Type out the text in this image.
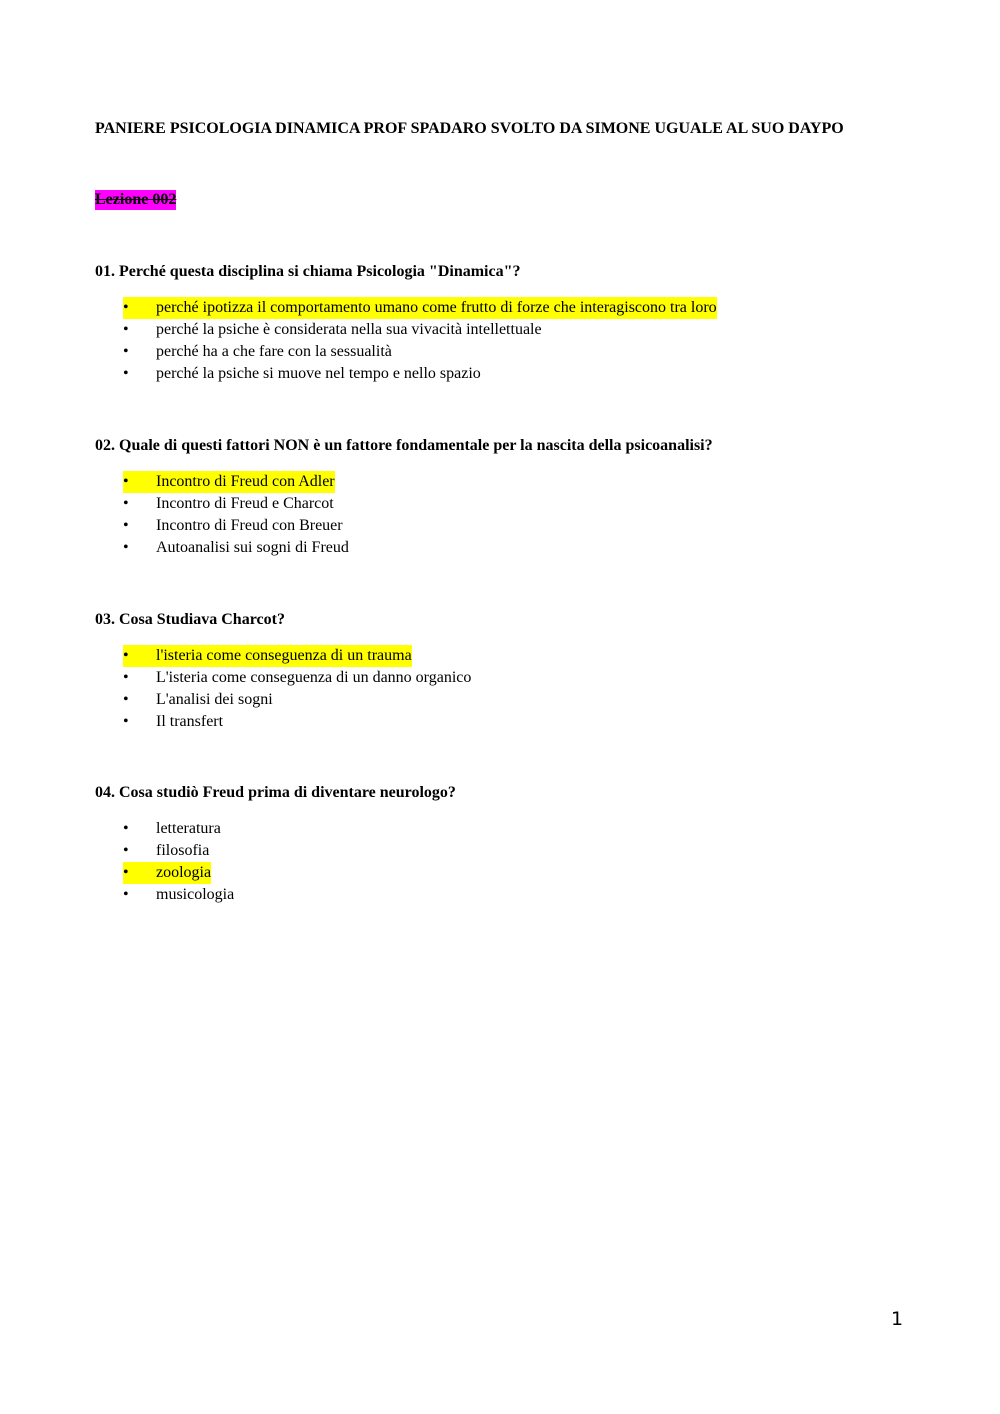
PANIERE PSICOLOGIA DINAMICA PROF SPADARO SVOLTO DA SIMONE UGUALE AL SUO DAYPO
Lezione 002
01. Perché questa disciplina si chiama Psicologia "Dinamica"?
•	perché ipotizza il comportamento umano come frutto di forze che interagiscono tra loro
• perché la psiche è considerata nella sua vivacità intellettuale
• perché ha a che fare con la sessualità
• perché la psiche si muove nel tempo e nello spazio
02. Quale di questi fattori NON è un fattore fondamentale per la nascita della psicoanalisi?
•	Incontro di Freud con Adler
• Incontro di Freud e Charcot
• Incontro di Freud con Breuer
• Autoanalisi sui sogni di Freud
03. Cosa Studiava Charcot?
•	l'isteria come conseguenza di un trauma
• L'isteria come conseguenza di un danno organico
• L'analisi dei sogni
• Il transfert
04. Cosa studiò Freud prima di diventare neurologo?
• letteratura
• filosofia
•	zoologia
• musicologia
1
